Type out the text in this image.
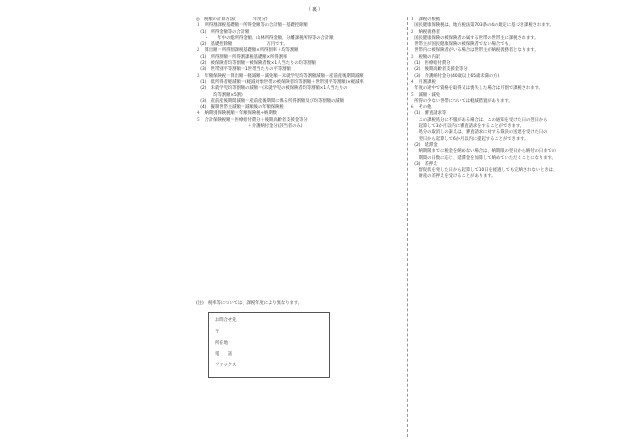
（裏）
◎　税額の計算方法(　　　　年度分)
１　所得割課税基礎額＝所得金額等の合計額－基礎控除額
　(1)　所得金額等の合計額
　　・　　年中の総所得金額、山林所得金額、分離課税所得等の合計額
　(2)　基礎控除額　　　　　　　　万円です。
２　算出額＝所得割課税基礎額×所得割率＋均等割額
　(1)　所得割額＝所得割課税基礎額×所得割率
　(2)　被保険者均等割額＝被保険者数×1人当たりの均等割額
　(3)　世帯別平等割額＝1世帯当たりの平等割額
３　年額保険税＝算出額－軽減額－減免額－未就学児均等割額減額－産前産後期間減額
　(1)　低所得者軽減額＝(軽減対象世帯の被保険者均等割額＋世帯別平等割額)×軽減率
　(2)　未就学児均等割額の減額＝(未就学児の被保険者均等割額×1人当たりの
　　　　均等割額×5割)
　(3)　産前産後期間減額＝産前産後期間に係る所得割額及び均等割額の減額
　(4)　擬制世帯主減額＝減額後の年額保険税
４　納期別保険税額＝年額保険税÷納期数
５　合計保険税額＝医療給付費分＋後期高齢者支援金等分
　　　　　　　　　　　　＋介護納付金分(該当者のみ)
１　課税の根拠
　国民健康保険税は、地方税法第703条の4の規定に基づき課税されます。
２　納税義務者
　国民健康保険の被保険者の属する世帯の世帯主に課税されます。
　世帯主が国民健康保険の被保険者でない場合でも、
　世帯内に被保険者がいる場合は世帯主が納税義務者となります。
３　税額の内訳
　(1)　医療給付費分
　(2)　後期高齢者支援金等分
　(3)　介護納付金分(40歳以上65歳未満の方)
４　月割課税
　年度の途中で資格を取得又は喪失した場合は月割で課税されます。
５　減額・減免
　所得の少ない世帯については軽減措置があります。
６　その他
　(1)　審査請求等
　　この課税処分に不服がある場合は、この通知を受けた日の翌日から
　　起算して3か月以内に審査請求をすることができます。
　　処分の取消しの訴えは、審査請求に対する裁決の送達を受けた日の
　　翌日から起算して6か月以内に提起することができます。
　(2)　延滞金
　　納期限までに税金を納めない場合は、納期限の翌日から納付の日までの
　　期間の日数に応じ、延滞金を加算して納めていただくことになります。
　(3)　差押え
　　督促状を発した日から起算して10日を経過しても完納されないときは、
　　財産の差押えを受けることがあります。
(注)　税率等については、課税年度により異なります。
お問合せ先
〒
所在地
電　　話
ファックス
